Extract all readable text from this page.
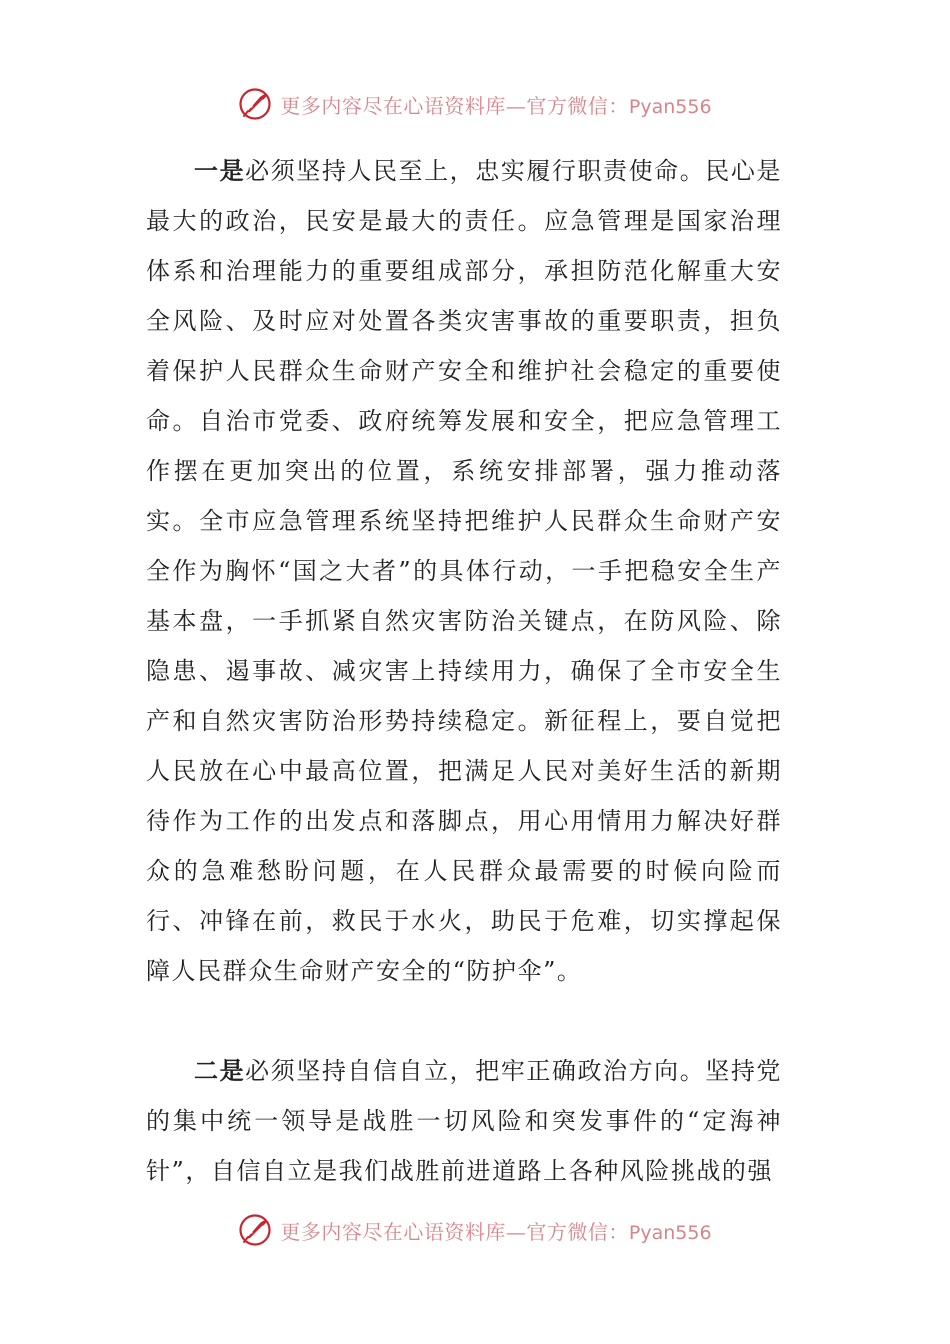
更多内容尽在心语资料库—官方微信：Pyan556

一是必须坚持人民至上，忠实履行职责使命。民心是最大的政治，民安是最大的责任。应急管理是国家治理体系和治理能力的重要组成部分，承担防范化解重大安全风险、及时应对处置各类灾害事故的重要职责，担负着保护人民群众生命财产安全和维护社会稳定的重要使命。自治市党委、政府统筹发展和安全，把应急管理工作摆在更加突出的位置，系统安排部署，强力推动落实。全市应急管理系统坚持把维护人民群众生命财产安全作为胸怀“国之大者”的具体行动，一手把稳安全生产基本盘，一手抓紧自然灾害防治关键点，在防风险、除隐患、遏事故、减灾害上持续用力，确保了全市安全生产和自然灾害防治形势持续稳定。新征程上，要自觉把人民放在心中最高位置，把满足人民对美好生活的新期待作为工作的出发点和落脚点，用心用情用力解决好群众的急难愁盼问题，在人民群众最需要的时候向险而行、冲锋在前，救民于水火，助民于危难，切实撑起保障人民群众生命财产安全的“防护伞”。

二是必须坚持自信自立，把牢正确政治方向。坚持党的集中统一领导是战胜一切风险和突发事件的“定海神针”，自信自立是我们战胜前进道路上各种风险挑战的强

更多内容尽在心语资料库—官方微信：Pyan556
